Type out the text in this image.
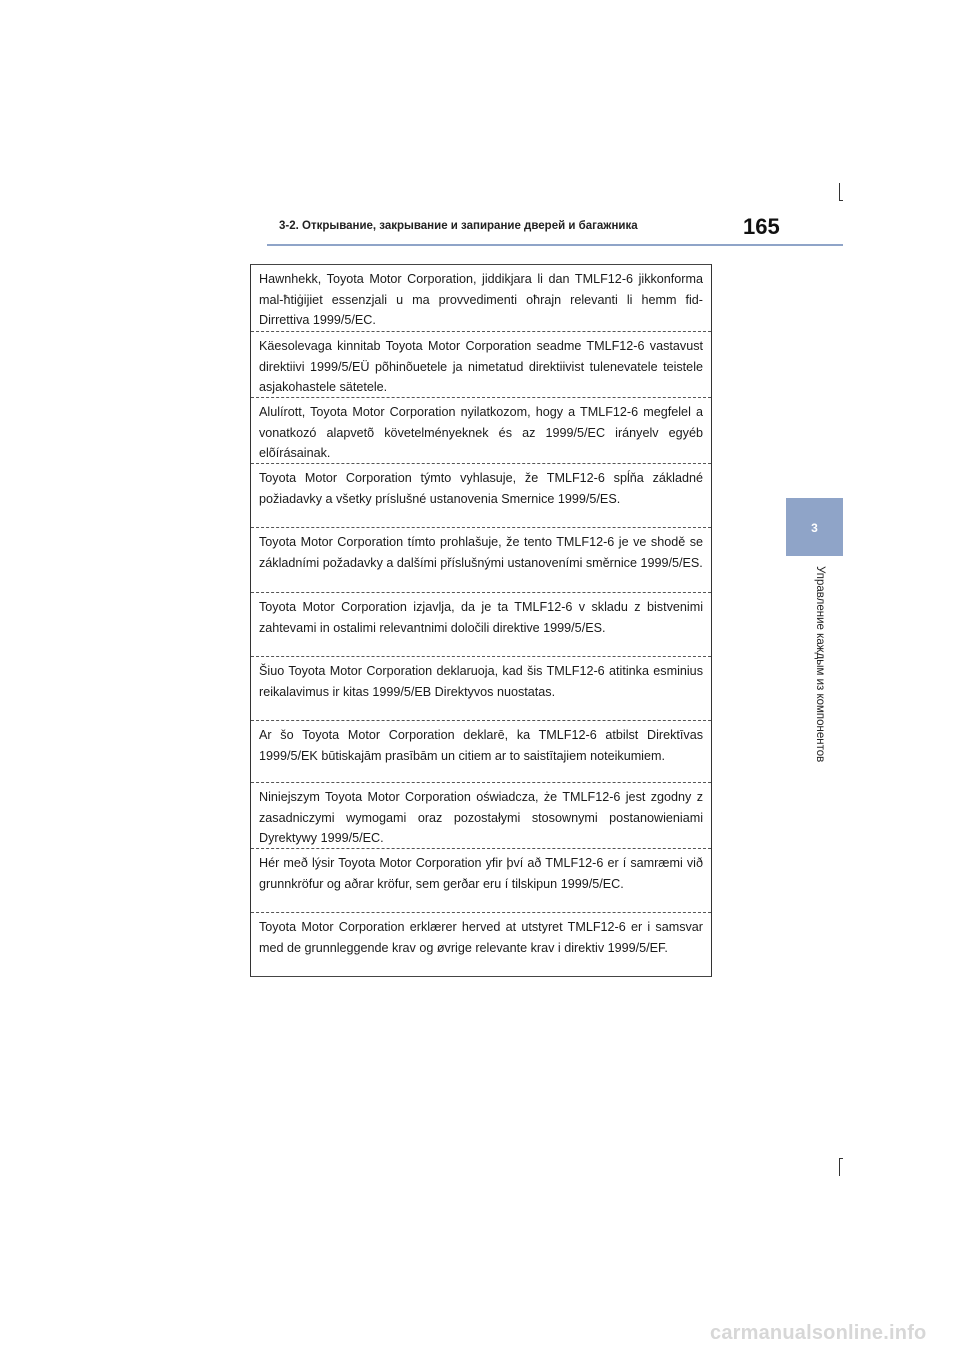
3-2. Открывание, закрывание и запирание дверей и багажника	165
3
Управление каждым из компонентов
Hawnhekk, Toyota Motor Corporation, jiddikjara li dan TMLF12-6 jikkonforma mal-ħtiġijiet essenzjali u ma provvedimenti oħrajn relevanti li hemm fid-Dirrettiva 1999/5/EC.
Käesolevaga kinnitab Toyota Motor Corporation seadme TMLF12-6 vastavust direktiivi 1999/5/EÜ põhinõuetele ja nimetatud direktiivist tulenevatele teistele asjakohastele sätetele.
Alulírott, Toyota Motor Corporation nyilatkozom, hogy a TMLF12-6 megfelel a vonatkozó alapvetõ követelményeknek és az 1999/5/EC irányelv egyéb elõírásainak.
Toyota Motor Corporation týmto vyhlasuje, že TMLF12-6 spĺňa základné požiadavky a všetky príslušné ustanovenia Smernice 1999/5/ES.
Toyota Motor Corporation tímto prohlašuje, že tento TMLF12-6 je ve shodě se základními požadavky a dalšími příslušnými ustanoveními směrnice 1999/5/ES.
Toyota Motor Corporation izjavlja, da je ta TMLF12-6 v skladu z bistvenimi zahtevami in ostalimi relevantnimi določili direktive 1999/5/ES.
Šiuo Toyota Motor Corporation deklaruoja, kad šis TMLF12-6 atitinka esminius reikalavimus ir kitas 1999/5/EB Direktyvos nuostatas.
Ar šo Toyota Motor Corporation deklarē, ka TMLF12-6 atbilst Direktīvas 1999/5/EK būtiskajām prasībām un citiem ar to saistītajiem noteikumiem.
Niniejszym Toyota Motor Corporation oświadcza, że TMLF12-6 jest zgodny z zasadniczymi wymogami oraz pozostałymi stosownymi postanowieniami Dyrektywy 1999/5/EC.
Hér með lýsir Toyota Motor Corporation yfir því að TMLF12-6 er í samræmi við grunnkröfur og aðrar kröfur, sem gerðar eru í tilskipun 1999/5/EC.
Toyota Motor Corporation erklærer herved at utstyret TMLF12-6 er i samsvar med de grunnleggende krav og øvrige relevante krav i direktiv 1999/5/EF.
carmanualsonline.info
